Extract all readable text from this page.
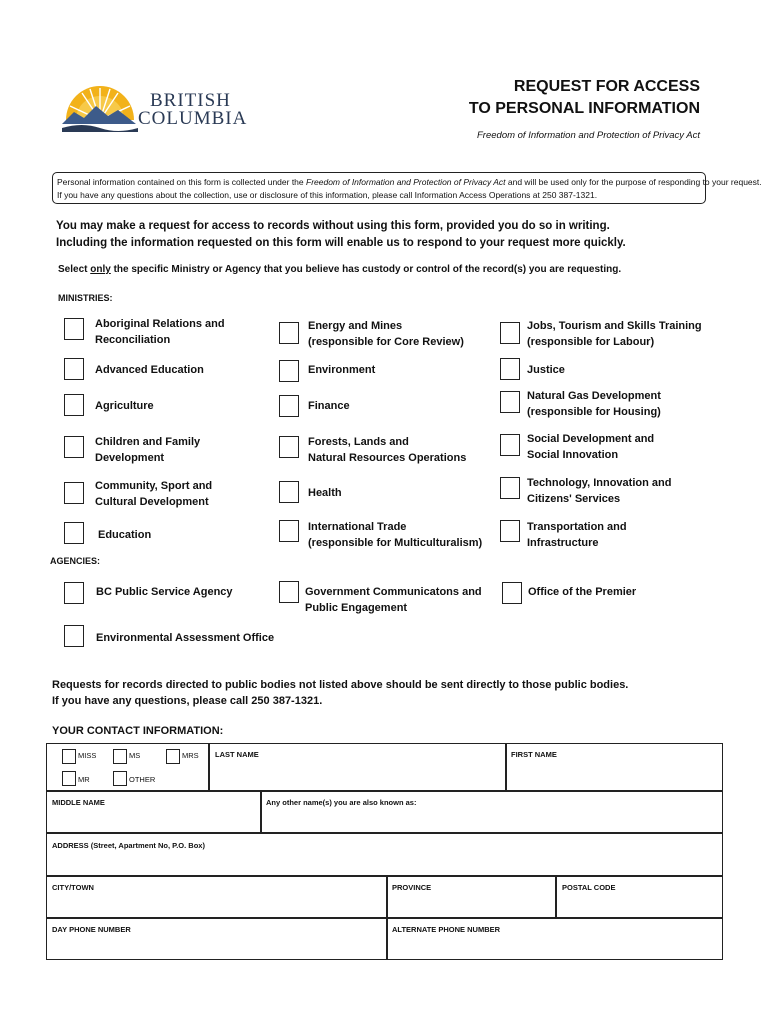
BRITISH
COLUMBIA
REQUEST FOR ACCESS
TO PERSONAL INFORMATION
Freedom of Information and Protection of Privacy Act
Personal information contained on this form is collected under the Freedom of Information and Protection of Privacy Act and will be used only for the purpose of responding to your request.
If you have any questions about the collection, use or disclosure of this information, please call Information Access Operations at 250 387-1321.
You may make a request for access to records without using this form, provided you do so in writing.
Including the information requested on this form will enable us to respond to your request more quickly.
Select only the specific Ministry or Agency that you believe has custody or control of the record(s) you are requesting.
MINISTRIES:
Aboriginal Relations and
Reconciliation
Advanced Education
Agriculture
Children and Family
Development
Community, Sport and
Cultural Development
Education
Energy and Mines
(responsible for Core Review)
Environment
Finance
Forests, Lands and
Natural Resources Operations
Health
International Trade
(responsible for Multiculturalism)
Jobs, Tourism and Skills Training
(responsible for Labour)
Justice
Natural Gas Development
(responsible for Housing)
Social Development and
Social Innovation
Technology, Innovation and
Citizens' Services
Transportation and
Infrastructure
AGENCIES:
BC Public Service Agency	Government Communicatons and
Public Engagement
Office of the Premier
Environmental Assessment Office
Requests for records directed to public bodies not listed above should be sent directly to those public bodies.
If you have any questions, please call 250 387-1321.
YOUR CONTACT INFORMATION:
MISS	MS	MRS
MR	OTHER
LAST NAME	FIRST NAME
MIDDLE NAME	Any other name(s) you are also known as:
ADDRESS (Street, Apartment No, P.O. Box)
CITY/TOWN	PROVINCE	POSTAL CODE
DAY PHONE NUMBER	ALTERNATE PHONE NUMBER
